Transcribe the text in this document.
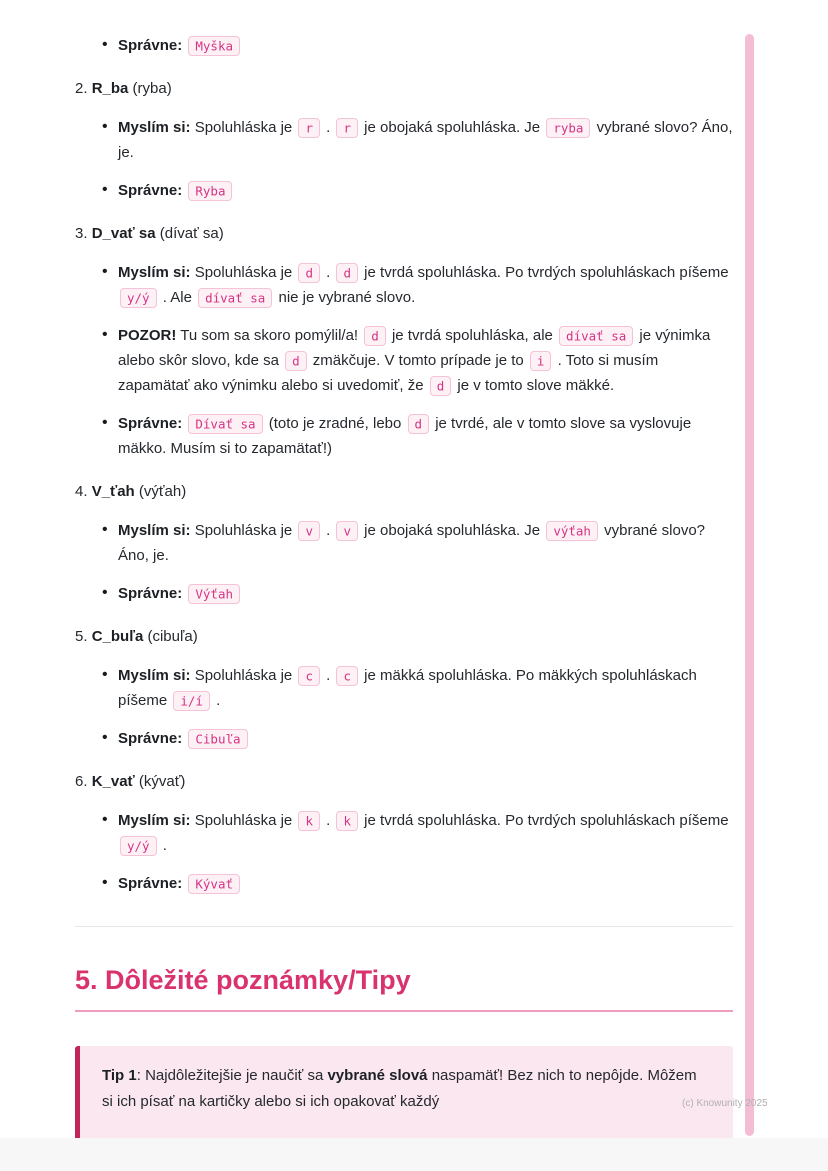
• Správne: Myška

2. R_ba (ryba)

• Myslím si: Spoluhláska je r . r je obojaká spoluhláska. Je ryba vybrané slovo? Áno, je.
• Správne: Ryba

3. D_vať sa (dívať sa)

• Myslím si: Spoluhláska je d . d je tvrdá spoluhláska. Po tvrdých spoluhláskach píšeme y/ý . Ale dívať sa nie je vybrané slovo.
• POZOR! Tu som sa skoro pomýlil/a! d je tvrdá spoluhláska, ale dívať sa je výnimka alebo skôr slovo, kde sa d zmäkčuje. V tomto prípade je to i . Toto si musím zapamätať ako výnimku alebo si uvedomiť, že d je v tomto slove mäkké.
• Správne: Dívať sa (toto je zradné, lebo d je tvrdé, ale v tomto slove sa vyslovuje mäkko. Musím si to zapamätať!)

4. V_ťah (výťah)

• Myslím si: Spoluhláska je v . v je obojaká spoluhláska. Je výťah vybrané slovo? Áno, je.
• Správne: Výťah

5. C_buľa (cibuľa)

• Myslím si: Spoluhláska je c . c je mäkká spoluhláska. Po mäkkých spoluhláskach píšeme i/í .
• Správne: Cibuľa

6. K_vať (kývať)

• Myslím si: Spoluhláska je k . k je tvrdá spoluhláska. Po tvrdých spoluhláskach píšeme y/ý .
• Správne: Kývať
5. Dôležité poznámky/Tipy

Tip 1: Najdôležitejšie je naučiť sa vybrané slová naspamäť! Bez nich to nepôjde. Môžem si ich písať na kartičky alebo si ich opakovať každý	(c) Knowunity 2025
